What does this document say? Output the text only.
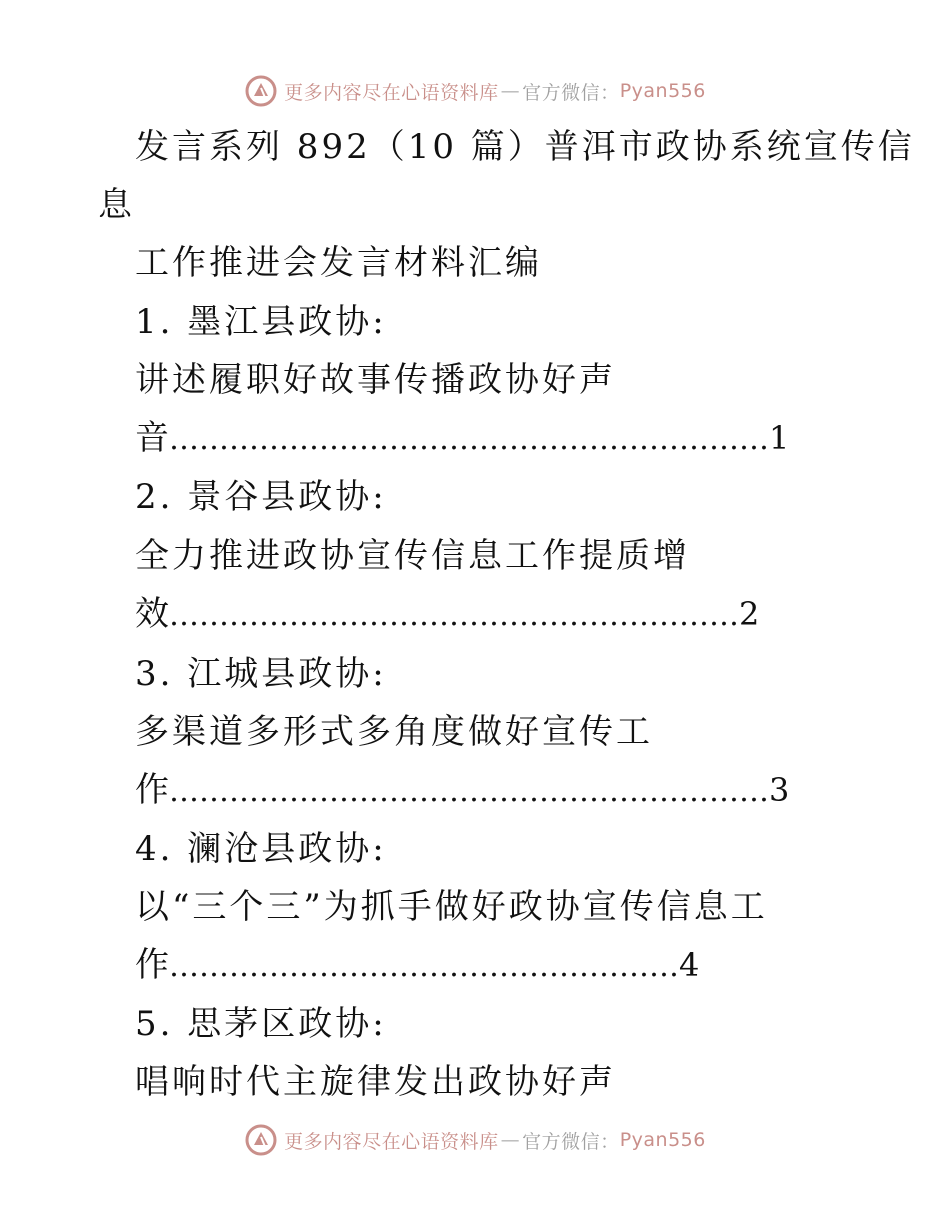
更多内容尽在心语资料库 — 官方微信： Pyan556
发言系列 892（10 篇）普洱市政协系统宣传信
息
工作推进会发言材料汇编
1. 墨江县政协:
讲述履职好故事传播政协好声
音……………………………………………………1
2. 景谷县政协:
全力推进政协宣传信息工作提质增
效…………………………………………………2
3. 江城县政协:
多渠道多形式多角度做好宣传工
作……………………………………………………3
4. 澜沧县政协:
以“三个三”为抓手做好政协宣传信息工
作……………………………………………4
5. 思茅区政协:
唱响时代主旋律发出政协好声
更多内容尽在心语资料库 — 官方微信： Pyan556
